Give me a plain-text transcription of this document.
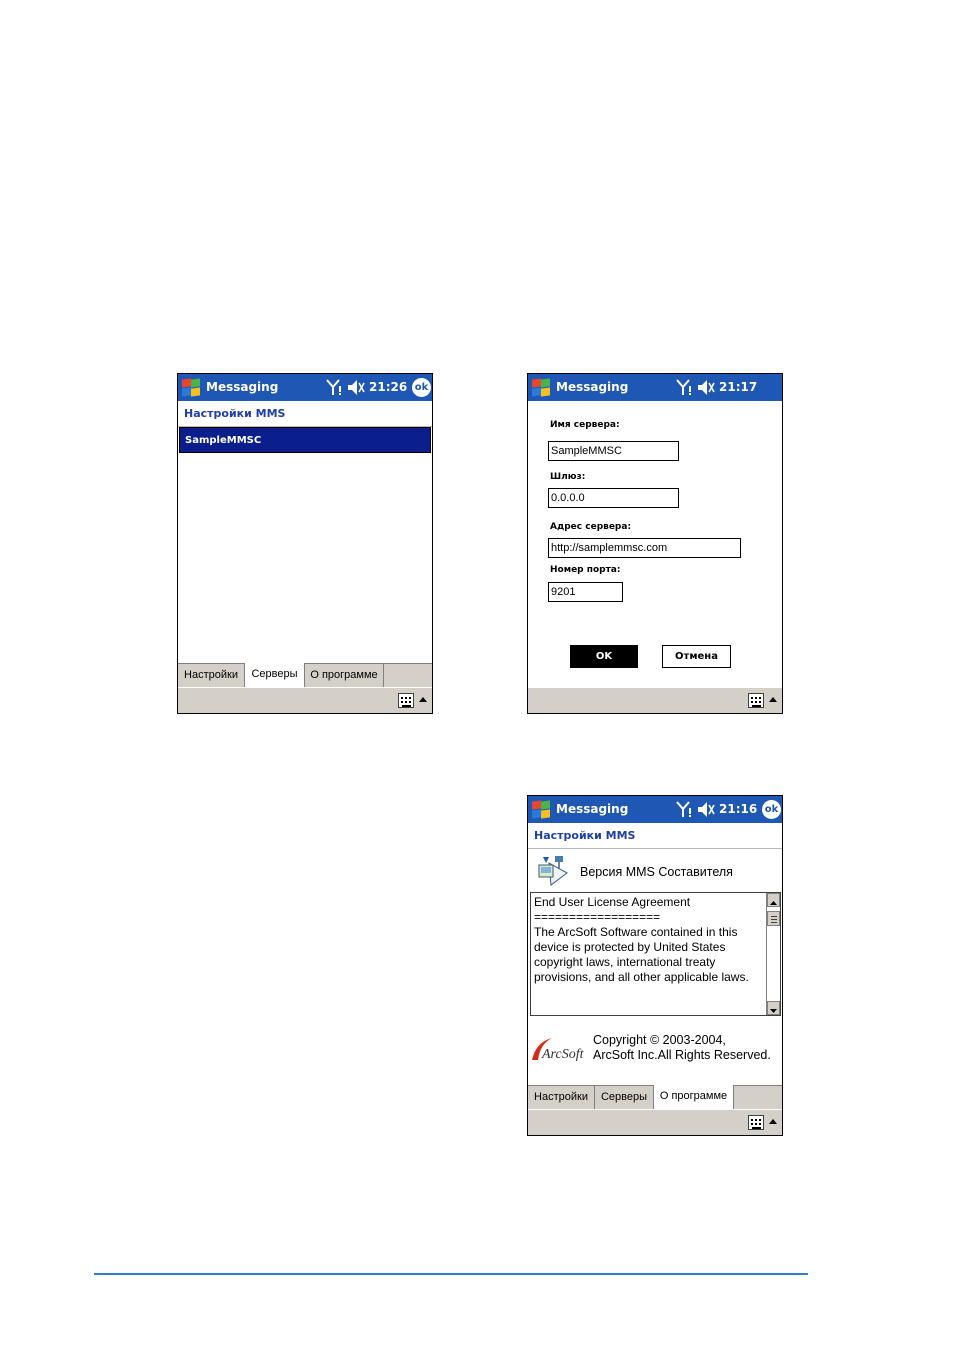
Messaging	21:26 ok
Настройки MMS
SampleMMSC
Настройки	Серверы	О программе
Messaging	21:17
Имя сервера:
SampleMMSC
Шлюз:
0.0.0.0
Адрес сервера:
http://samplemmsc.com
Номер порта:
9201
OK	Отмена
Messaging	21:16 ok
Настройки MMS
Версия MMS Составителя
End User License Agreement
==================
The ArcSoft Software contained in this device is protected by United States copyright laws, international treaty provisions, and all other applicable laws.
ArcSoft
Copyright © 2003-2004,
ArcSoft Inc.All Rights Reserved.
Настройки	Серверы	О программе
